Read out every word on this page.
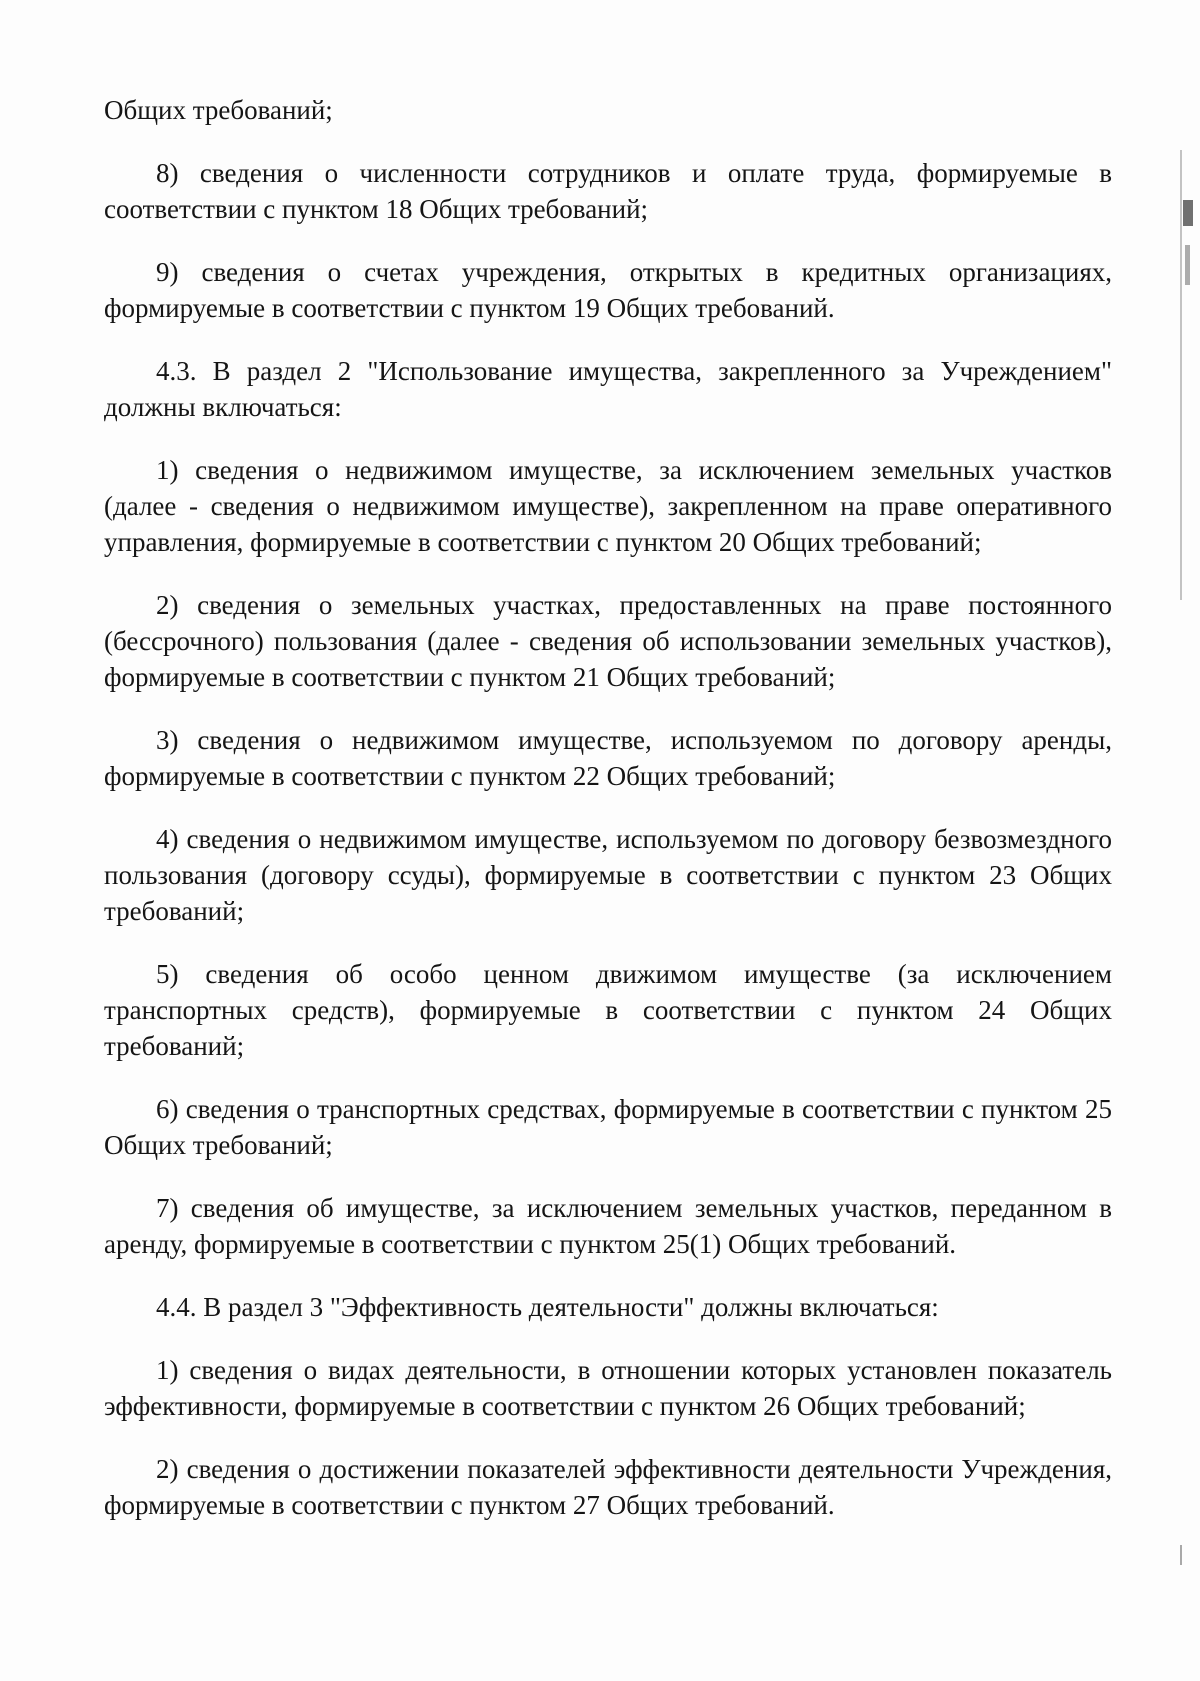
Общих требований;

8) сведения о численности сотрудников и оплате труда, формируемые в соответствии с пунктом 18 Общих требований;

9) сведения о счетах учреждения, открытых в кредитных организациях, формируемые в соответствии с пунктом 19 Общих требований.

4.3. В раздел 2 "Использование имущества, закрепленного за Учреждением" должны включаться:

1) сведения о недвижимом имуществе, за исключением земельных участков (далее - сведения о недвижимом имуществе), закрепленном на праве оперативного управления, формируемые в соответствии с пунктом 20 Общих требований;

2) сведения о земельных участках, предоставленных на праве постоянного (бессрочного) пользования (далее - сведения об использовании земельных участков), формируемые в соответствии с пунктом 21 Общих требований;

3) сведения о недвижимом имуществе, используемом по договору аренды, формируемые в соответствии с пунктом 22 Общих требований;

4) сведения о недвижимом имуществе, используемом по договору безвозмездного пользования (договору ссуды), формируемые в соответствии с пунктом 23 Общих требований;

5) сведения об особо ценном движимом имуществе (за исключением транспортных средств), формируемые в соответствии с пунктом 24 Общих требований;

6) сведения о транспортных средствах, формируемые в соответствии с пунктом 25 Общих требований;

7) сведения об имуществе, за исключением земельных участков, переданном в аренду, формируемые в соответствии с пунктом 25(1) Общих требований.

4.4. В раздел 3 "Эффективность деятельности" должны включаться:

1) сведения о видах деятельности, в отношении которых установлен показатель эффективности, формируемые в соответствии с пунктом 26 Общих требований;

2) сведения о достижении показателей эффективности деятельности Учреждения, формируемые в соответствии с пунктом 27 Общих требований.
